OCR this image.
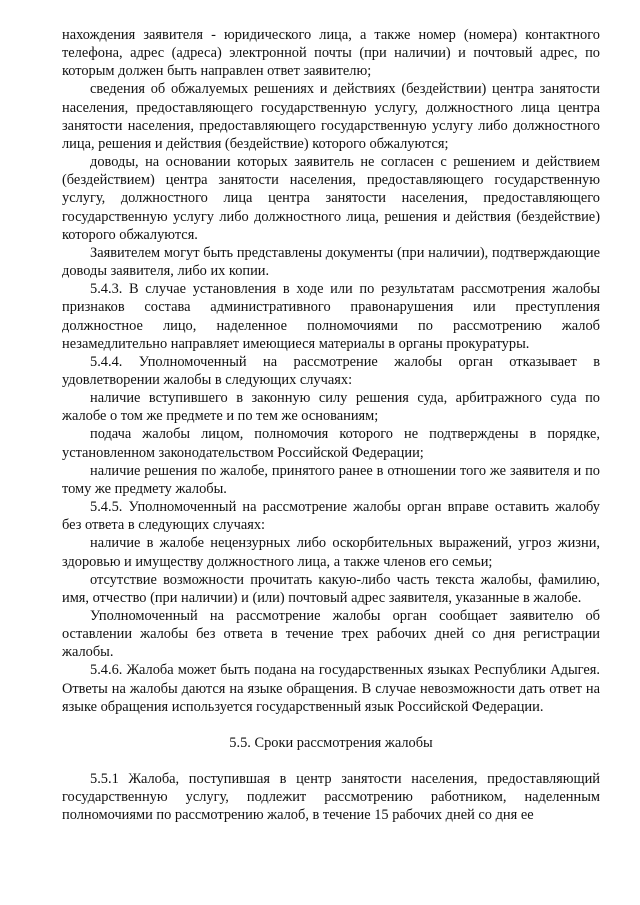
нахождения заявителя - юридического лица, а также номер (номера) контактного телефона, адрес (адреса) электронной почты (при наличии) и почтовый адрес, по которым должен быть направлен ответ заявителю;

сведения об обжалуемых решениях и действиях (бездействии) центра занятости населения, предоставляющего государственную услугу, должностного лица центра занятости населения, предоставляющего государственную услугу либо должностного лица, решения и действия (бездействие) которого обжалуются;

доводы, на основании которых заявитель не согласен с решением и действием (бездействием) центра занятости населения, предоставляющего государственную услугу, должностного лица центра занятости населения, предоставляющего государственную услугу либо должностного лица, решения и действия (бездействие) которого обжалуются.

Заявителем могут быть представлены документы (при наличии), подтверждающие доводы заявителя, либо их копии.

5.4.3. В случае установления в ходе или по результатам рассмотрения жалобы признаков состава административного правонарушения или преступления должностное лицо, наделенное полномочиями по рассмотрению жалоб незамедлительно направляет имеющиеся материалы в органы прокуратуры.

5.4.4. Уполномоченный на рассмотрение жалобы орган отказывает в удовлетворении жалобы в следующих случаях:

наличие вступившего в законную силу решения суда, арбитражного суда по жалобе о том же предмете и по тем же основаниям;

подача жалобы лицом, полномочия которого не подтверждены в порядке, установленном законодательством Российской Федерации;

наличие решения по жалобе, принятого ранее в отношении того же заявителя и по тому же предмету жалобы.

5.4.5. Уполномоченный на рассмотрение жалобы орган вправе оставить жалобу без ответа в следующих случаях:

наличие в жалобе нецензурных либо оскорбительных выражений, угроз жизни, здоровью и имуществу должностного лица, а также членов его семьи;

отсутствие возможности прочитать какую-либо часть текста жалобы, фамилию, имя, отчество (при наличии) и (или) почтовый адрес заявителя, указанные в жалобе.

Уполномоченный на рассмотрение жалобы орган сообщает заявителю об оставлении жалобы без ответа в течение трех рабочих дней со дня регистрации жалобы.

5.4.6. Жалоба может быть подана на государственных языках Республики Адыгея. Ответы на жалобы даются на языке обращения. В случае невозможности дать ответ на языке обращения используется государственный язык Российской Федерации.

5.5. Сроки рассмотрения жалобы

5.5.1 Жалоба, поступившая в центр занятости населения, предоставляющий государственную услугу, подлежит рассмотрению работником, наделенным полномочиями по рассмотрению жалоб, в течение 15 рабочих дней со дня ее
